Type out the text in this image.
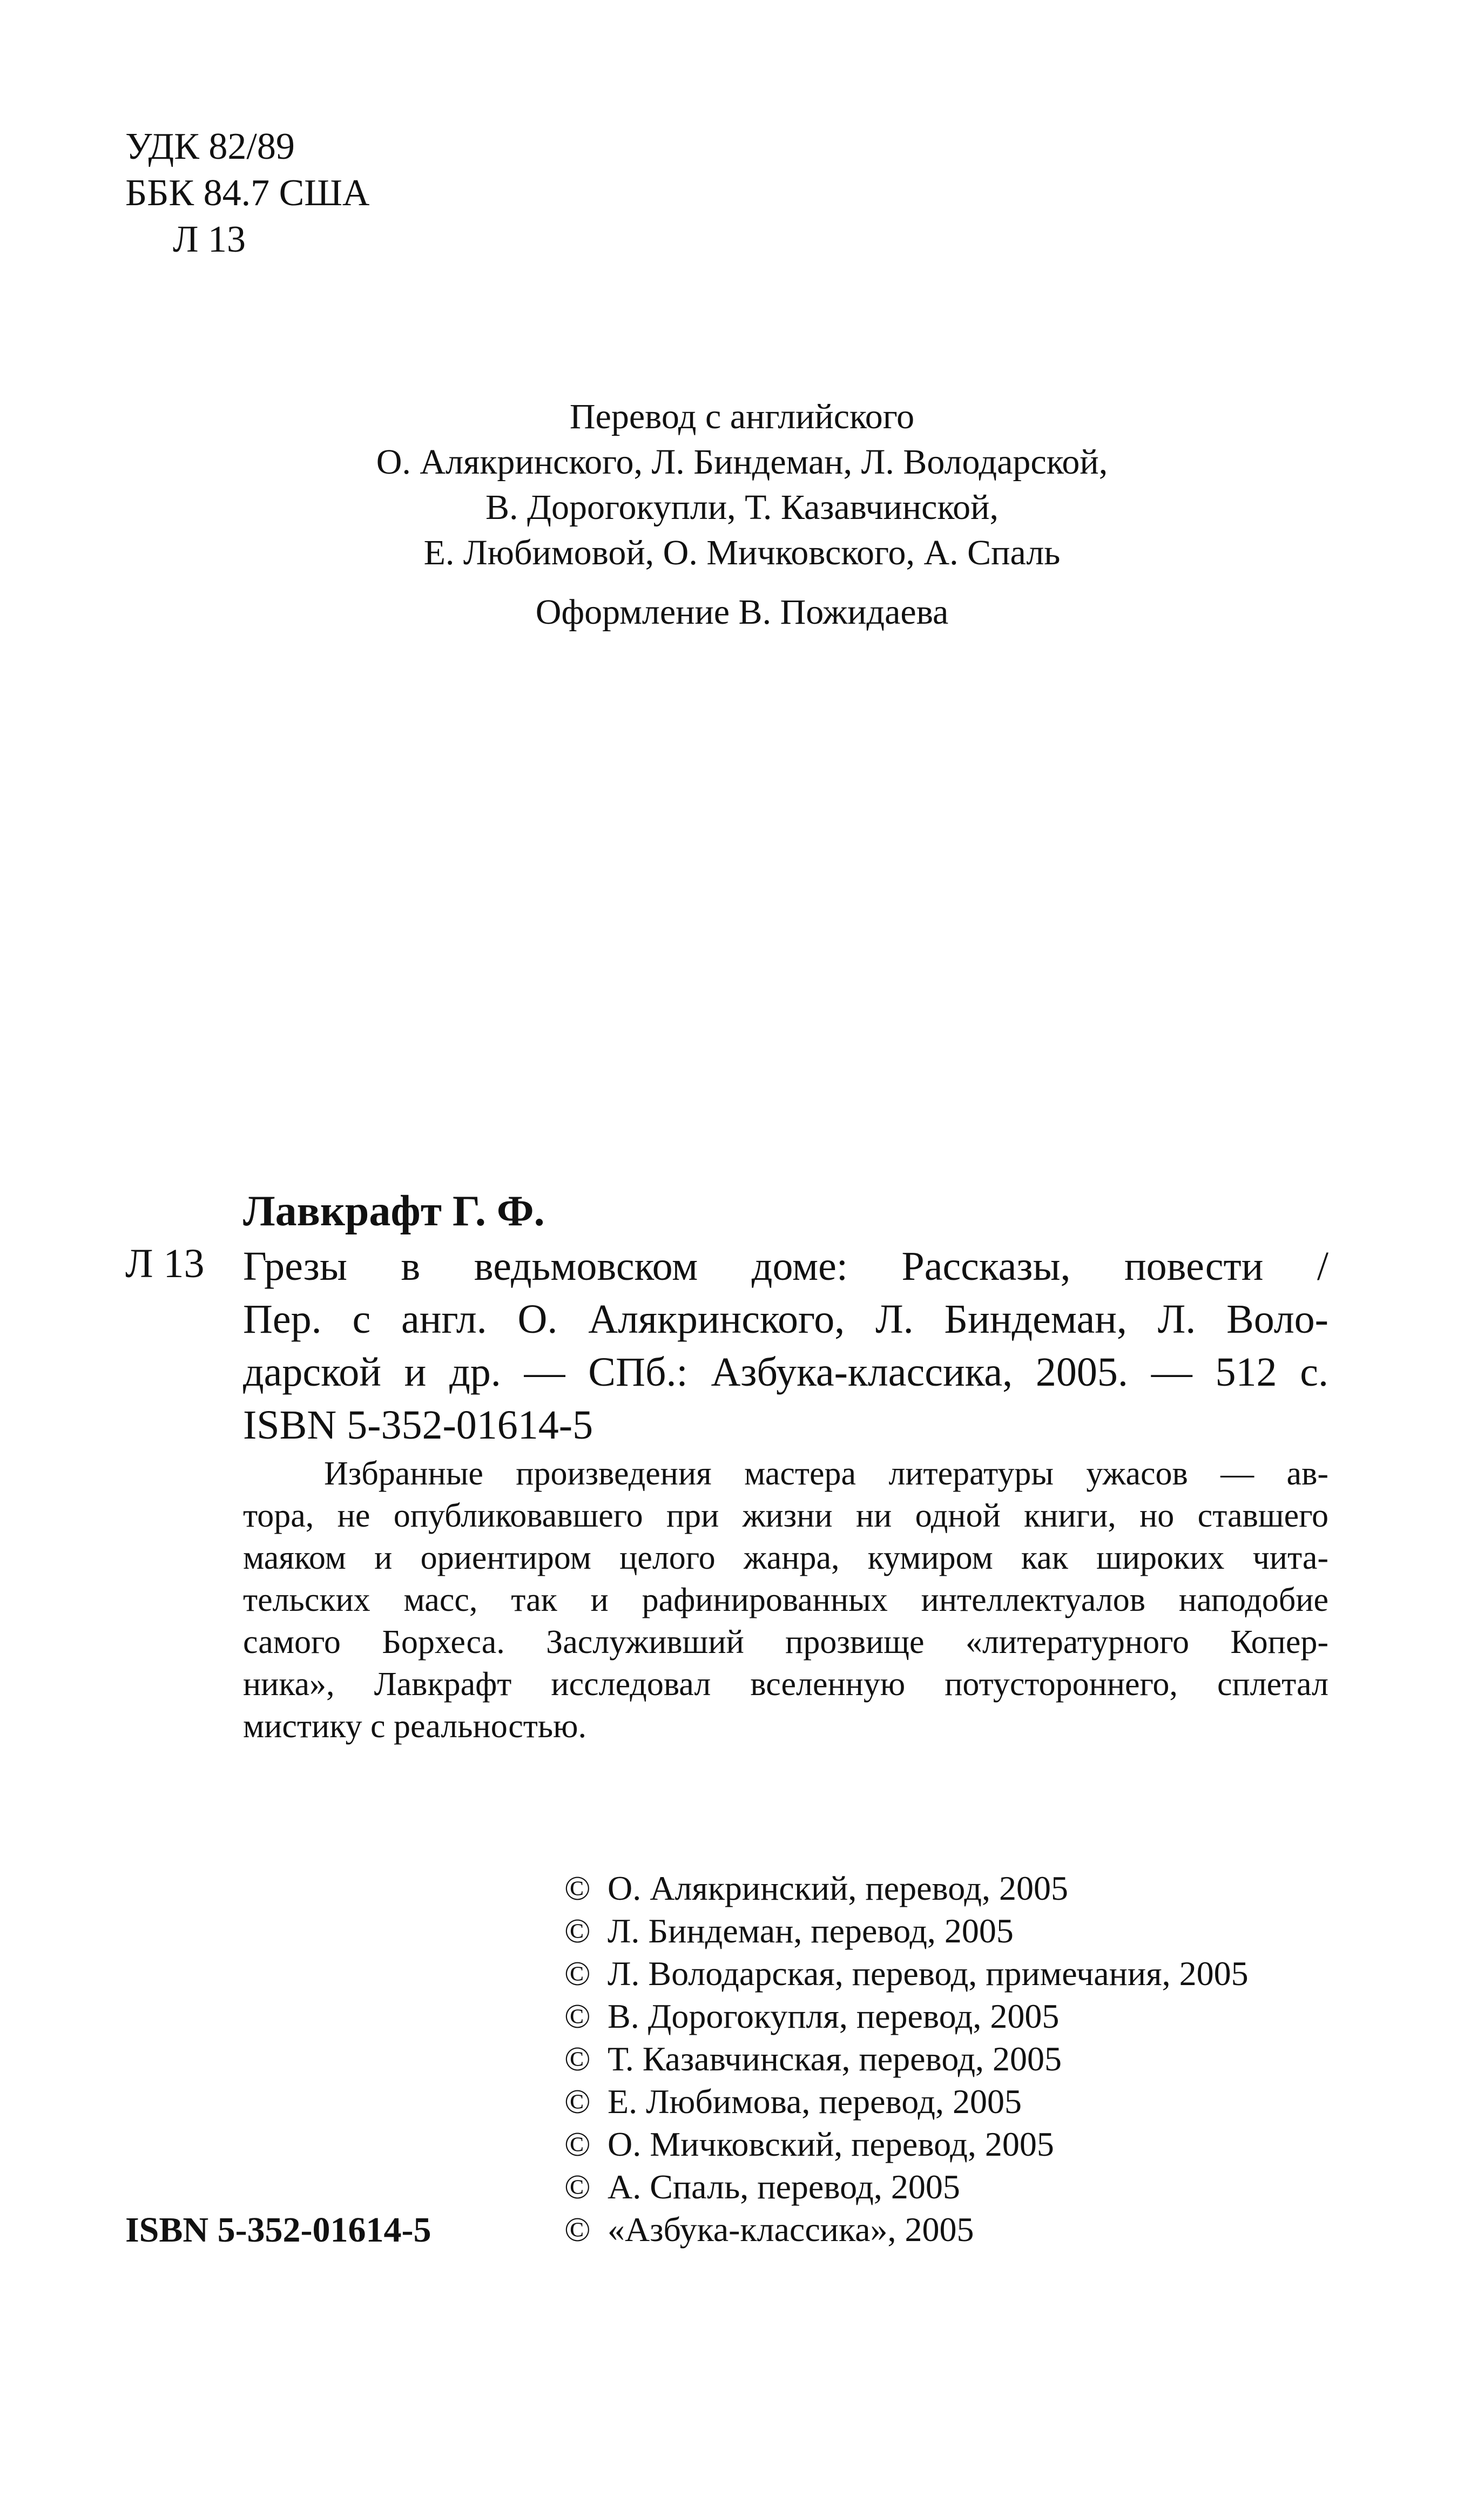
УДК 82/89
ББК 84.7 США
Л 13
Перевод с английского
О. Алякринского, Л. Биндеман, Л. Володарской,
В. Дорогокупли, Т. Казавчинской,
Е. Любимовой, О. Мичковского, А. Спаль
Оформление В. Пожидаева
Лавкрафт Г. Ф.
Л 13 Грезы в ведьмовском доме: Рассказы, повести /
Пер. с англ. О. Алякринского, Л. Биндеман, Л. Воло-
дарской и др. — СПб.: Азбука-классика, 2005. — 512 с.
ISBN 5-352-01614-5
Избранные произведения мастера литературы ужасов — ав-
тора, не опубликовавшего при жизни ни одной книги, но ставшего
маяком и ориентиром целого жанра, кумиром как широких чита-
тельских масс, так и рафинированных интеллектуалов наподобие
самого Борхеса. Заслуживший прозвище «литературного Копер-
ника», Лавкрафт исследовал вселенную потустороннего, сплетал
мистику с реальностью.
© О. Алякринский, перевод, 2005
© Л. Биндеман, перевод, 2005
© Л. Володарская, перевод, примечания, 2005
© В. Дорогокупля, перевод, 2005
© Т. Казавчинская, перевод, 2005
© Е. Любимова, перевод, 2005
© О. Мичковский, перевод, 2005
© А. Спаль, перевод, 2005
© «Азбука-классика», 2005
ISBN 5-352-01614-5
